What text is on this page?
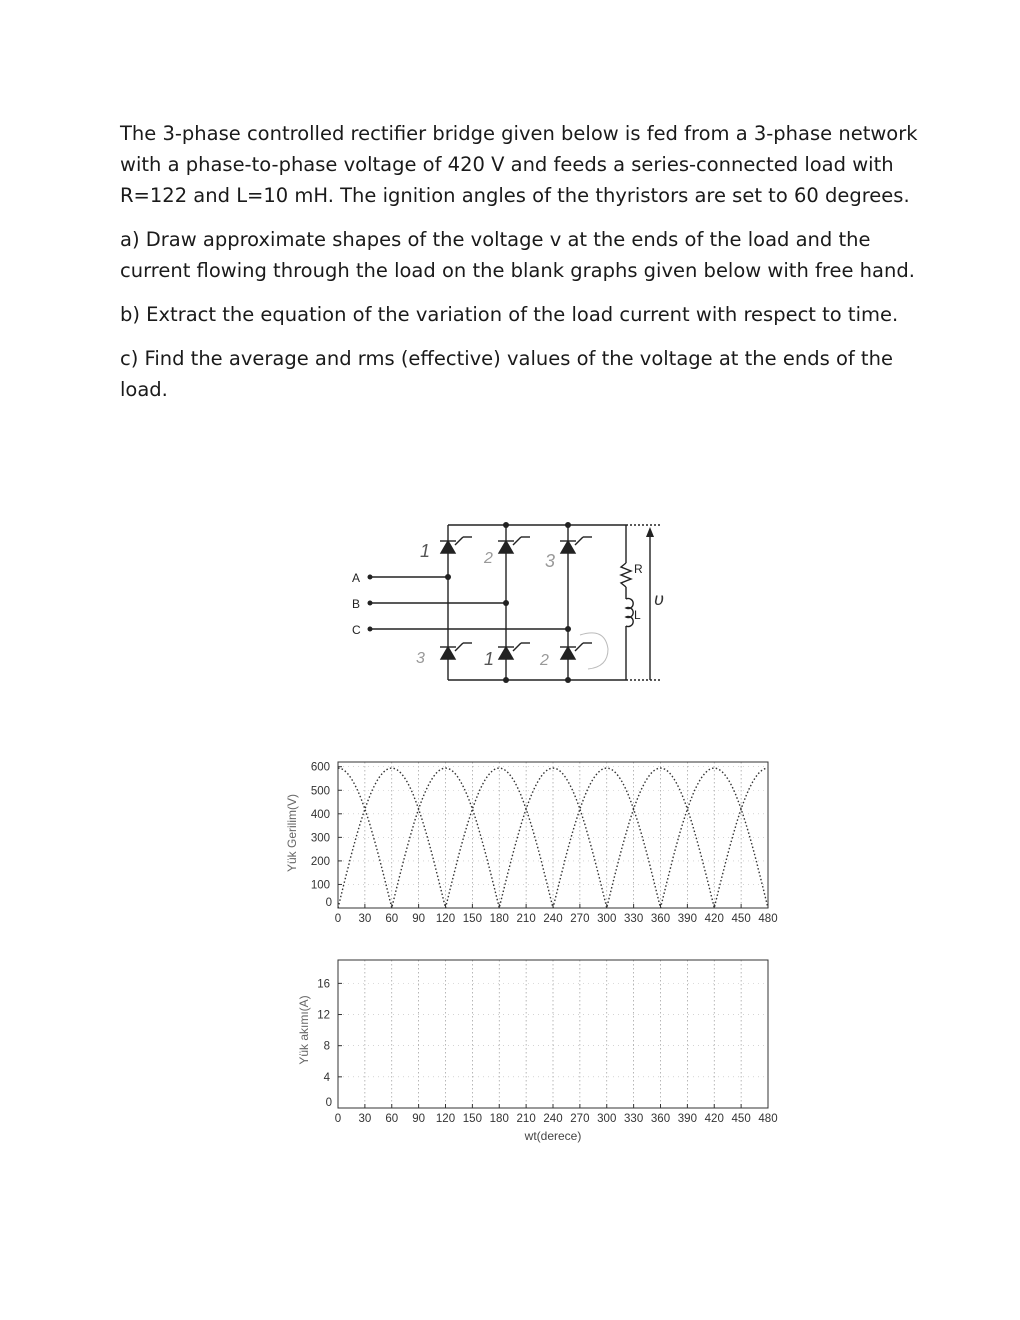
The 3-phase controlled rectifier bridge given below is fed from a 3-phase network with a phase-to-phase voltage of 420 V and feeds a series-connected load with R=122 and L=10 mH. The ignition angles of the thyristors are set to 60 degrees.

a) Draw approximate shapes of the voltage v at the ends of the load and the current flowing through the load on the blank graphs given below with free hand.

b) Extract the equation of the variation of the load current with respect to time.

c) Find the average and rms (effective) values of the voltage at the ends of the load.

A
B
C
1	2	3
3	1	2
R
L
υ
Yük Gerilim(V)
0 30 60 90 120 150 180 210 240 270 300 330 360 390 420 450 480
0
100
200
300
400
500
600
Yük akımı(A)
0 30 60 90 120 150 180 210 240 270 300 330 360 390 420 450 480
0
4
8
12
16
wt(derece)
